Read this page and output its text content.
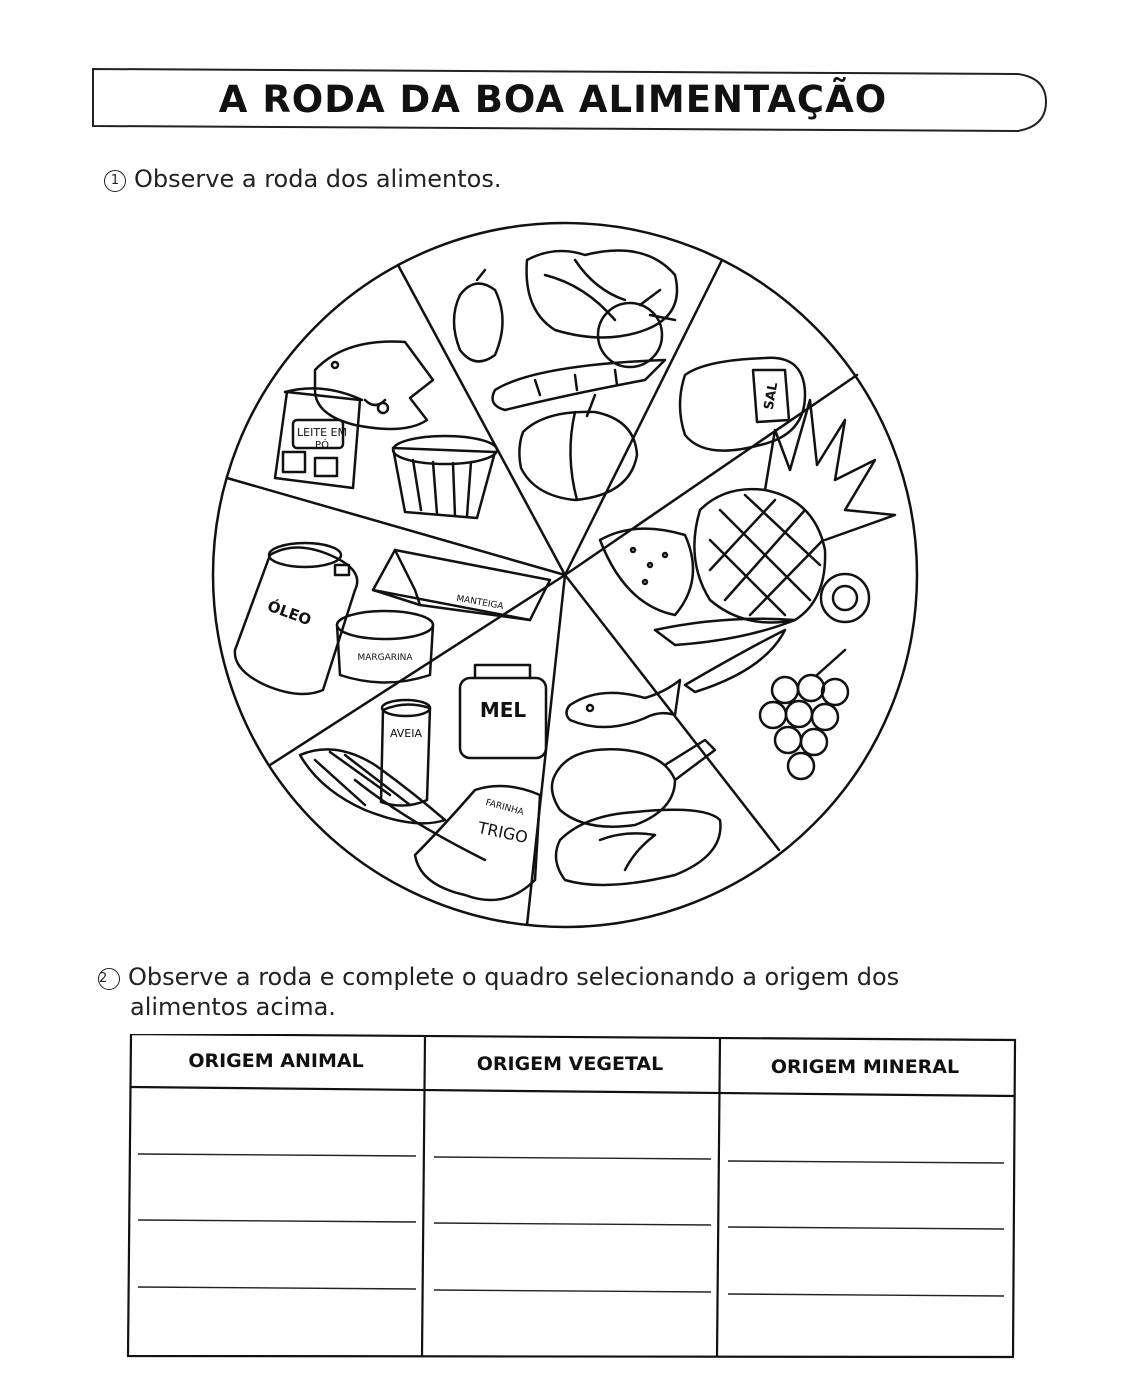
A RODA DA BOA ALIMENTAÇÃO
1 Observe a roda dos alimentos.
LEITE EM
PÓ
SAL
ÓLEO	MANTEIGA
MARGARINA
MEL
AVEIA
FARINHA
TRIGO
2 Observe a roda e complete o quadro selecionando a origem dos
alimentos acima.
ORIGEM ANIMAL	ORIGEM VEGETAL	ORIGEM MINERAL
